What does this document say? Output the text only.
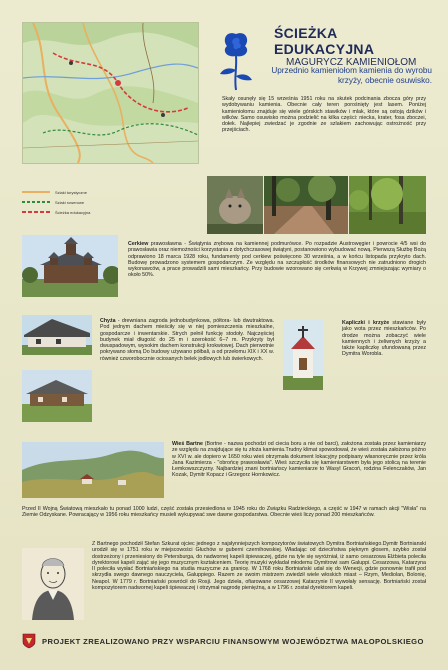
Szlaki turystyczne
Szlaki rowerowe
Ścieżka edukacyjna
ŚCIEŻKA EDUKACYJNA
MAGURYCZ KAMIENIOŁOM
Uprzednio kamieniołom kamienia do wyrobu krzyży, obecnie osuwisko.
Skały osunęły się 15 września 1951 roku na skutek podcinania zbocza góry przy wydobywaniu kamienia. Obecnie cały teren porośnięty jest lasem. Poniżej kamieniołomu znajduje się wiele górskich stawików i mlak, które są ostoją dzików i wilków. Samo osuwisko można podzielić na kilka części: niecka, krater, fosa zboczei, dołek. Najlepiej zwiedzać je zgodnie ze szlakiem zachowując ostrożność przy przejściach.
Cerkiew prawosławna - Świątynia zrębowa na kamiennej podmurówce. Po rozpadzie Austrowęgier i powrocie 4/5 wsi do prawosławia oraz niemożności korzystania z dotychczasowej świątyni, postanowiono wybudować nową. Pierwszą Służbę Bożą odprawiono 18 marca 1928 roku, fundamenty pod cerkiew poświęcono 30 września, a w końcu listopada przykryto dach. Budowę prowadzono systemem gospodarczym. Ze względu na szczupłość środków finansowych nie zatrudniono drogich wykonawców, a prace prowadzili sami mieszkańcy. Przy budowie wzorowano się cerkwią w Krzywej zmniejszając wymiary o około 50%.
Chyża - drewniana zagroda jednobudynkowa, półtora- lub dwutraktowa. Pod jednym dachem mieściły się w niej pomieszczenia mieszkalne, gospodarcze i inwentarskie. Strych pełnił funkcję stodoły. Najczęściej budynek miał długość do 25 m i szerokość 6–7 m. Przykryty był dwuspadowym, wysokim dachem konstrukcji krokwiowej. Dach pierwotnie pokrywano słomą Do budowy używano półbali, a od przełomu XIX i XX w. również czworobocznie ociosanych belek jodłowych lub świerkowych.
Kapliczki i krzyże stawiane były jako wota przez mieszkańców. Po drodze można zobaczyć wiele kamiennych i żeliwnych krzyży a także kapliczkę ufundowaną przez Dymitra Worobla.
Wieś Bartne (Bortne - nazwa pochodzi od ciecia boru a nie od barci), założona została przez kamieniarzy ze względu na znajdujące się tu złoża kamienia.Trudny klimat spowodował, że wieś została założona późno w XVI w. ale dopiero w 1650 roku wieś otrzymała dokument lokacyjny podpisany własnoręcznie przez króla Jana Kazimierza - "obrońcę prawosławia". Wieś szczyciła się kamieniarstwem była jego stolicą na terenie Łemkowszczyzny. Najbardziej znani bortniańscy kamieniarze to Wasyl Gracoń, rodzina Felenczaków, Jan Kozak, Dymitr Kopacz i Grzegorz Hornkowicz.
Przed II Wojną Światową mieszkało tu ponad 1000 ludzi, część została przesiedlona w 1945 roku do Związku Radzieckiego, a część w 1947 w ramach akcji "Wisła" na Ziemie Odzyskane. Powracający w 1956 roku mieszkańcy musieli wykupywać swe dawne gospodarstwa. Obecnie wieś liczy ponad 200 mieszkańców.
Z Bartnego pochodził Stefan Szkurat ojciec jednego z najsłynniejszych kompozytorów światowych Dymitra Bortniańskiego.Dymitr Bortnianski urodził się w 1751 roku w miejscowości Głuchów w guberni czernihowskiej. Władając od dzieciństwa pięknym głosem, szybko został dostrzeżony i przeniesiony do Petersburga, do nadwornej kapeli śpiewaczej, gdzie na tyle się wyróżniał, iż samo cesarzowa Elżbieta poleciła dyrektorowi kapeli zająć się jego muzycznym kształceniem. Teorię muzyki wykładał młodemu Dymitrowi sam Galuppi. Cesarzowa, Katarzyna II poleciła wysłać Bortniańskiego na studia muzyczne za granicę. W 1768 roku Bortniański udał się do Wenecji, gdzie ponownie trafił pod skrzydła swego dawnego nauczyciela, Galuppiego. Razem ze swoim mistrzem zwiedził wiele włoskich miast – Rzym, Mediolan, Bolonię, Neapol. W 1779 r. Bortniański powrócił do Rosji. Jego dzieła, ofiarowane cesarzowej Katarzynie II wywołały sensację. Bortniański został kompozytorem nadwornej kapeli śpiewaczej i otrzymał nagrodę pieniężną, a w 1796 r. został dyrektorem kapeli.
PROJEKT ZREALIZOWANO PRZY WSPARCIU FINANSOWYM WOJEWÓDZTWA MAŁOPOLSKIEGO
